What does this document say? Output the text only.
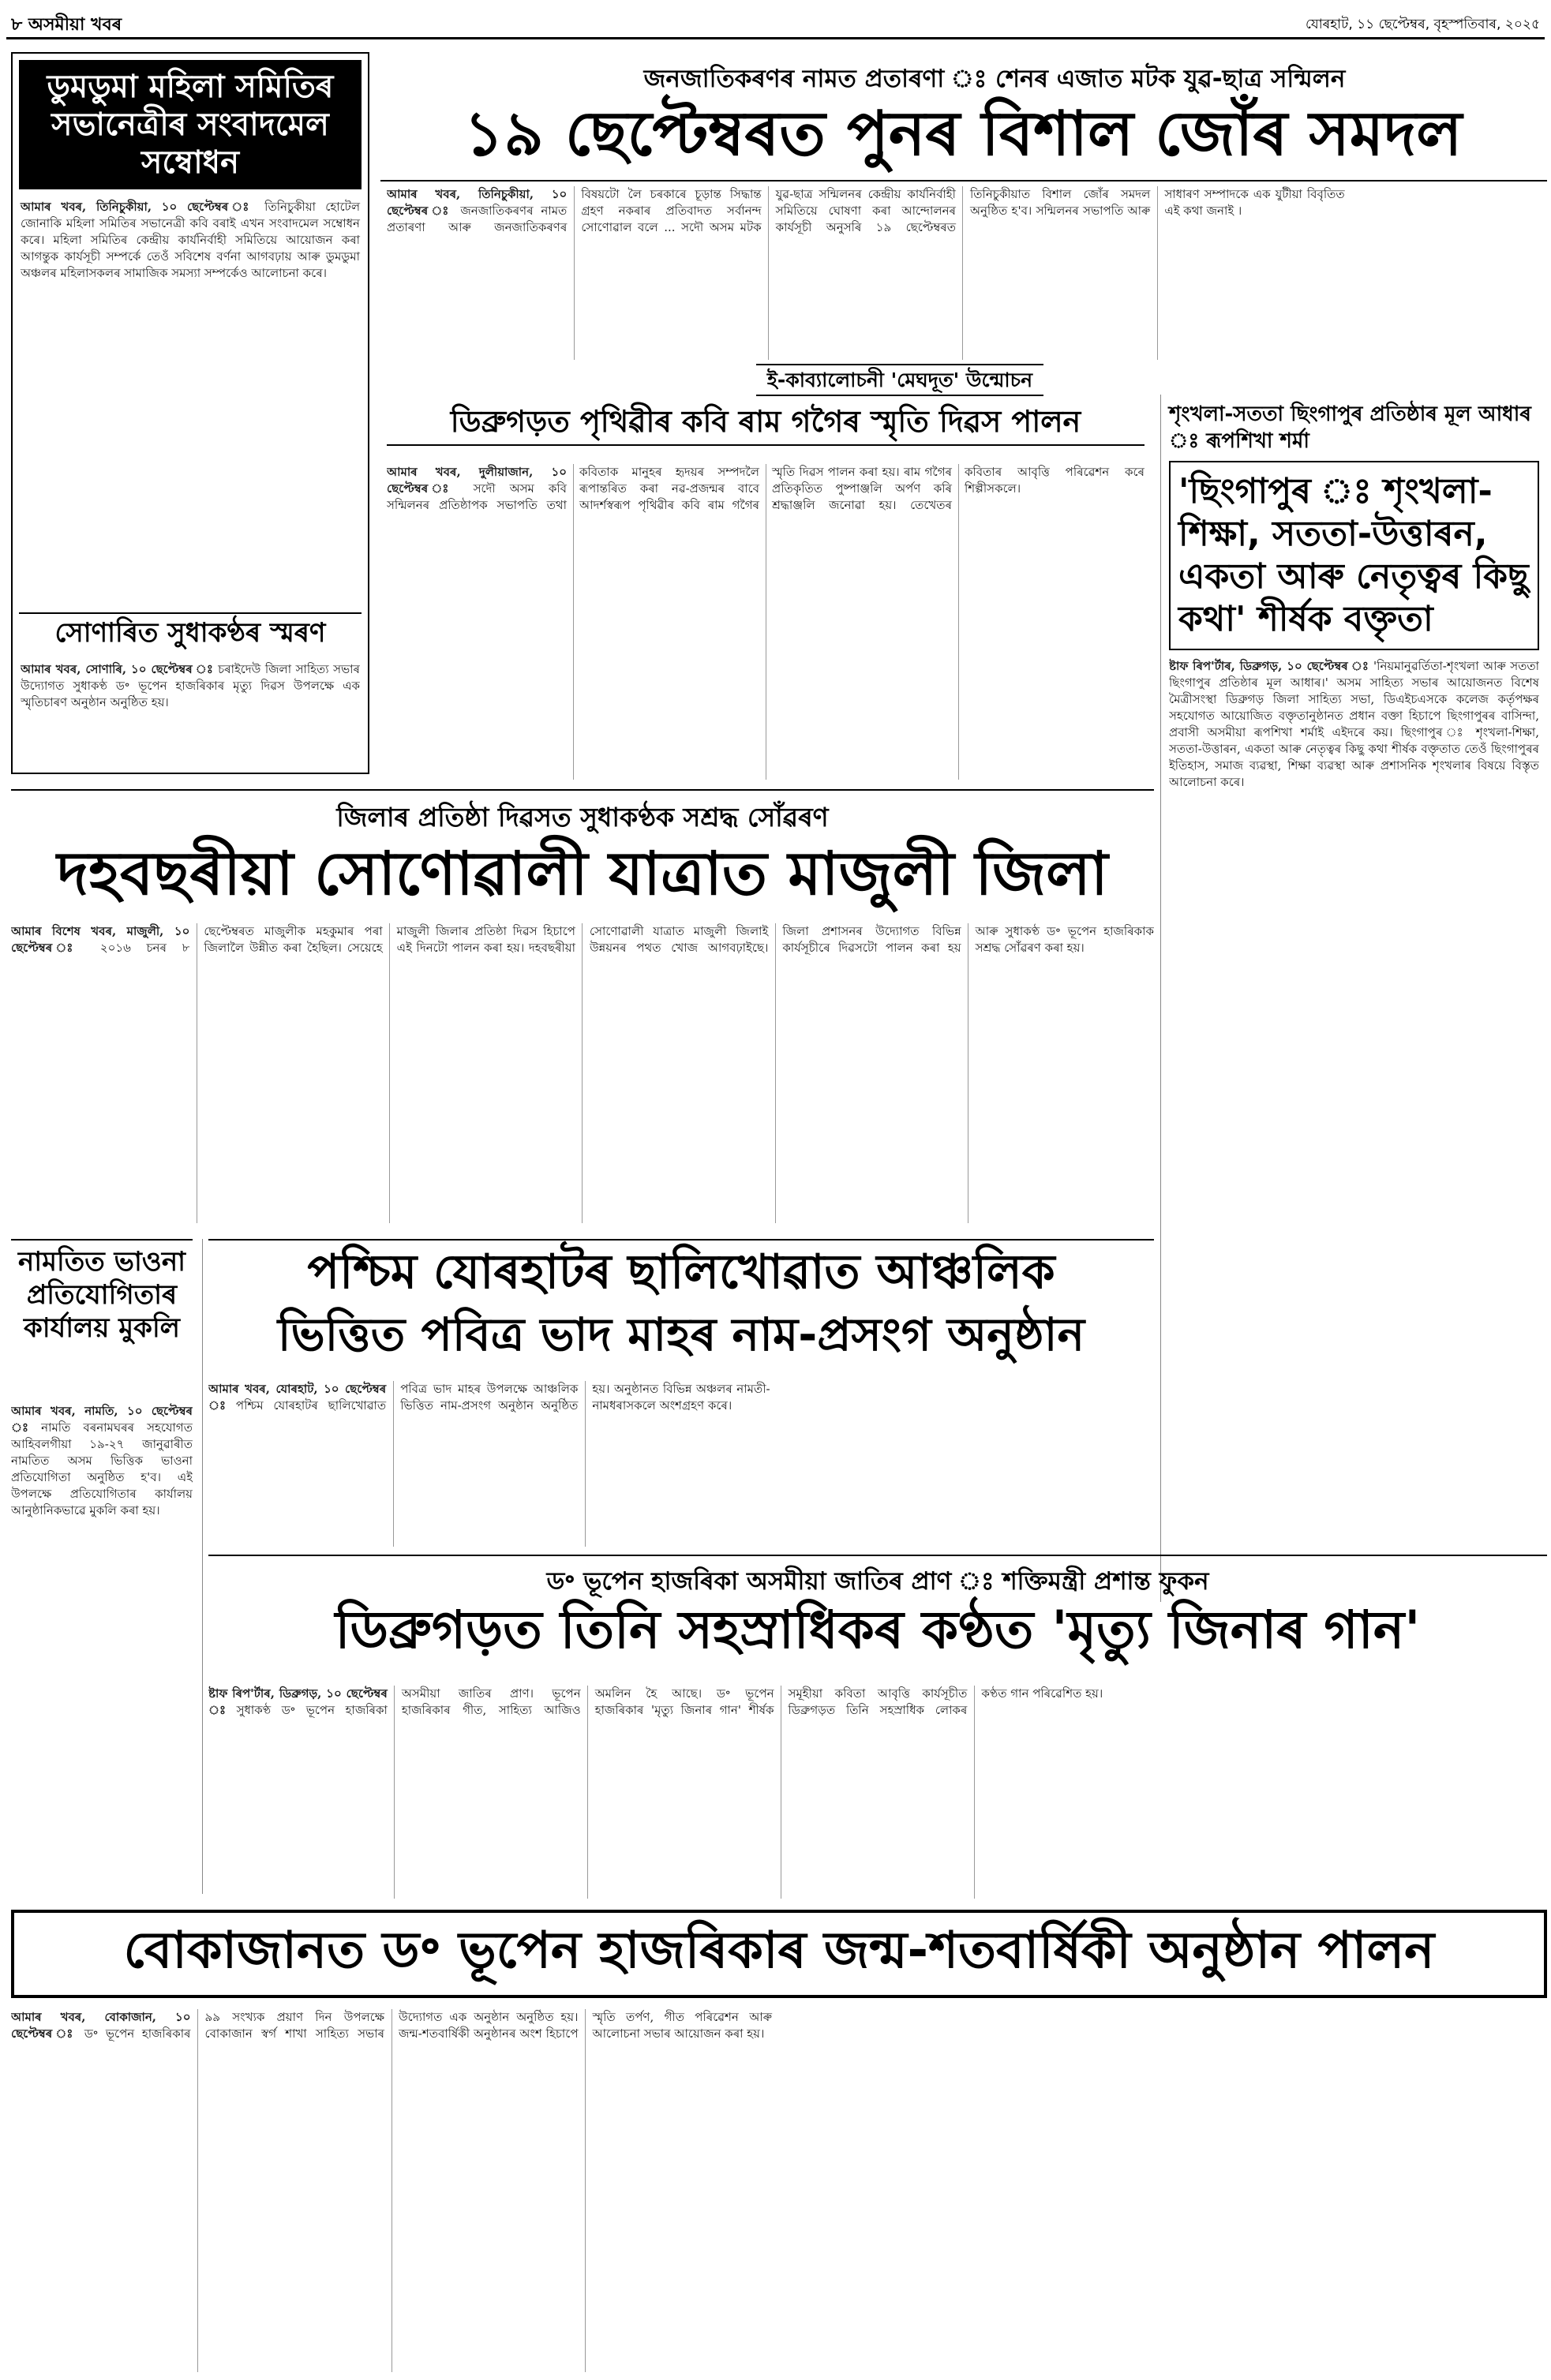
৮ অসমীয়া খবৰ	যোৰহাট, ১১ ছেপ্টেম্বৰ, বৃহস্পতিবাৰ, ২০২৫
ডুমডুমা মহিলা সমিতিৰ সভানেত্ৰীৰ সংবাদমেল সম্বোধন
আমাৰ খবৰ, তিনিচুকীয়া, ১০ ছেপ্টেম্বৰ ঃ তিনিচুকীয়া হোটেল জোনাকি মহিলা সমিতিৰ সভানেত্ৰী কবি বৰাই এখন সংবাদমেল সম্বোধন কৰে। মহিলা সমিতিৰ কেন্দ্ৰীয় কাৰ্যনিৰ্বাহী সমিতিয়ে আয়োজন কৰা আগন্তুক কাৰ্যসূচী সম্পৰ্কে তেওঁ সবিশেষ বৰ্ণনা আগবঢ়ায় আৰু ডুমডুমা অঞ্চলৰ মহিলাসকলৰ সামাজিক সমস্যা সম্পৰ্কেও আলোচনা কৰে।
সোণাৰিত সুধাকণ্ঠৰ স্মৰণ
আমাৰ খবৰ, সোণাৰি, ১০ ছেপ্টেম্বৰ ঃ চৰাইদেউ জিলা সাহিত্য সভাৰ উদ্যোগত সুধাকণ্ঠ ড॰ ভূপেন হাজৰিকাৰ মৃত্যু দিৱস উপলক্ষে এক স্মৃতিচাৰণ অনুষ্ঠান অনুষ্ঠিত হয়।
জনজাতিকৰণৰ নামত প্ৰতাৰণা ঃ শেনৰ এজাত মটক যুৱ-ছাত্ৰ সন্মিলন
১৯ ছেপ্টেম্বৰত পুনৰ বিশাল জোঁৰ সমদল
আমাৰ খবৰ, তিনিচুকীয়া, ১০ ছেপ্টেম্বৰ ঃ জনজাতিকৰণৰ নামত প্ৰতাৰণা আৰু জনজাতিকৰণৰ বিষয়টো লৈ চৰকাৰে চূড়ান্ত সিদ্ধান্ত গ্ৰহণ নকৰাৰ প্ৰতিবাদত সৰ্বানন্দ সোণোৱাল বলে ... সদৌ অসম মটক যুৱ-ছাত্ৰ সন্মিলনৰ কেন্দ্ৰীয় কাৰ্যনিৰ্বাহী সমিতিয়ে ঘোষণা কৰা আন্দোলনৰ কাৰ্যসূচী অনুসৰি ১৯ ছেপ্টেম্বৰত তিনিচুকীয়াত বিশাল জোঁৰ সমদল অনুষ্ঠিত হ'ব। সন্মিলনৰ সভাপতি আৰু সাধাৰণ সম্পাদকে এক যুটীয়া বিবৃতিত এই কথা জনাই ।
ই-কাব্যালোচনী 'মেঘদূত' উন্মোচন
ডিব্ৰুগড়ত পৃথিৱীৰ কবি ৰাম গগৈৰ স্মৃতি দিৱস পালন
আমাৰ খবৰ, দুলীয়াজান, ১০ ছেপ্টেম্বৰ ঃ সদৌ অসম কবি সন্মিলনৰ প্ৰতিষ্ঠাপক সভাপতি তথা কবিতাক মানুহৰ হৃদয়ৰ সম্পদলৈ ৰূপান্তৰিত কৰা নৱ-প্ৰজন্মৰ বাবে আদৰ্শস্বৰূপ পৃথিৱীৰ কবি ৰাম গগৈৰ স্মৃতি দিৱস পালন কৰা হয়। ৰাম গগৈৰ প্ৰতিকৃতিত পুষ্পাঞ্জলি অৰ্পণ কৰি শ্ৰদ্ধাঞ্জলি জনোৱা হয়। তেখেতৰ কবিতাৰ আবৃত্তি পৰিৱেশন কৰে শিল্পীসকলে।
শৃংখলা-সততা ছিংগাপুৰ প্ৰতিষ্ঠাৰ মূল আধাৰ ঃ ৰূপশিখা শৰ্মা
'ছিংগাপুৰ ঃ শৃংখলা-শিক্ষা, সততা-উত্তাৰন, একতা আৰু নেতৃত্বৰ কিছু কথা' শীৰ্ষক বক্তৃতা
ষ্টাফ ৰিপ'ৰ্টাৰ, ডিব্ৰুগড়, ১০ ছেপ্টেম্বৰ ঃ 'নিয়মানুৱৰ্তিতা-শৃংখলা আৰু সততা ছিংগাপুৰ প্ৰতিষ্ঠাৰ মূল আধাৰ।' অসম সাহিত্য সভাৰ আয়োজনত বিশেষ মৈত্ৰীসংস্থা ডিব্ৰুগড় জিলা সাহিত্য সভা, ডিএইচএসকে কলেজ কৰ্তৃপক্ষৰ সহযোগত আয়োজিত বক্তৃতানুষ্ঠানত প্ৰধান বক্তা হিচাপে ছিংগাপুৰৰ বাসিন্দা, প্ৰবাসী অসমীয়া ৰূপশিখা শৰ্মাই এইদৰে কয়। ছিংগাপুৰ ঃ শৃংখলা-শিক্ষা, সততা-উত্তাৰন, একতা আৰু নেতৃত্বৰ কিছু কথা শীৰ্ষক বক্তৃতাত তেওঁ ছিংগাপুৰৰ ইতিহাস, সমাজ ব্যৱস্থা, শিক্ষা ব্যৱস্থা আৰু প্ৰশাসনিক শৃংখলাৰ বিষয়ে বিস্তৃত আলোচনা কৰে।
জিলাৰ প্ৰতিষ্ঠা দিৱসত সুধাকণ্ঠক সশ্ৰদ্ধ সোঁৱৰণ
দহবছৰীয়া সোণোৱালী যাত্ৰাত মাজুলী জিলা
আমাৰ বিশেষ খবৰ, মাজুলী, ১০ ছেপ্টেম্বৰ ঃ ২০১৬ চনৰ ৮ ছেপ্টেম্বৰত মাজুলীক মহকুমাৰ পৰা জিলালৈ উন্নীত কৰা হৈছিল। সেয়েহে মাজুলী জিলাৰ প্ৰতিষ্ঠা দিৱস হিচাপে এই দিনটো পালন কৰা হয়। দহবছৰীয়া সোণোৱালী যাত্ৰাত মাজুলী জিলাই উন্নয়নৰ পথত খোজ আগবঢ়াইছে। জিলা প্ৰশাসনৰ উদ্যোগত বিভিন্ন কাৰ্যসূচীৰে দিৱসটো পালন কৰা হয় আৰু সুধাকণ্ঠ ড॰ ভূপেন হাজৰিকাক সশ্ৰদ্ধ সোঁৱৰণ কৰা হয়।
নামতিত ভাওনা প্ৰতিযোগিতাৰ কাৰ্যালয় মুকলি
আমাৰ খবৰ, নামতি, ১০ ছেপ্টেম্বৰ ঃ নামতি বৰনামঘৰৰ সহযোগত আহিবলগীয়া ১৯-২৭ জানুৱাৰীত নামতিত অসম ভিত্তিক ভাওনা প্ৰতিযোগিতা অনুষ্ঠিত হ'ব। এই উপলক্ষে প্ৰতিযোগিতাৰ কাৰ্যালয় আনুষ্ঠানিকভাৱে মুকলি কৰা হয়।
পশ্চিম যোৰহাটৰ ছালিখোৱাত আঞ্চলিক
ভিত্তিত পবিত্ৰ ভাদ মাহৰ নাম-প্ৰসংগ অনুষ্ঠান
আমাৰ খবৰ, যোৰহাট, ১০ ছেপ্টেম্বৰ ঃ পশ্চিম যোৰহাটৰ ছালিখোৱাত পবিত্ৰ ভাদ মাহৰ উপলক্ষে আঞ্চলিক ভিত্তিত নাম-প্ৰসংগ অনুষ্ঠান অনুষ্ঠিত হয়। অনুষ্ঠানত বিভিন্ন অঞ্চলৰ নামতী-নামধৰাসকলে অংশগ্ৰহণ কৰে।
ড॰ ভূপেন হাজৰিকা অসমীয়া জাতিৰ প্ৰাণ ঃ শক্তিমন্ত্ৰী প্ৰশান্ত ফুকন
ডিব্ৰুগড়ত তিনি সহস্ৰাধিকৰ কণ্ঠত 'মৃত্যু জিনাৰ গান'
ষ্টাফ ৰিপ'ৰ্টাৰ, ডিব্ৰুগড়, ১০ ছেপ্টেম্বৰ ঃ সুধাকণ্ঠ ড॰ ভূপেন হাজৰিকা অসমীয়া জাতিৰ প্ৰাণ। ভূপেন হাজৰিকাৰ গীত, সাহিত্য আজিও অমলিন হৈ আছে। ড॰ ভূপেন হাজৰিকাৰ 'মৃত্যু জিনাৰ গান' শীৰ্ষক সমূহীয়া কবিতা আবৃত্তি কাৰ্যসূচীত ডিব্ৰুগড়ত তিনি সহস্ৰাধিক লোকৰ কণ্ঠত গান পৰিৱেশিত হয়।
বোকাজানত ড॰ ভূপেন হাজৰিকাৰ জন্ম-শতবাৰ্ষিকী অনুষ্ঠান পালন
আমাৰ খবৰ, বোকাজান, ১০ ছেপ্টেম্বৰ ঃ ড॰ ভূপেন হাজৰিকাৰ ৯৯ সংখ্যক প্ৰয়াণ দিন উপলক্ষে বোকাজান স্বৰ্গ শাখা সাহিত্য সভাৰ উদ্যোগত এক অনুষ্ঠান অনুষ্ঠিত হয়। জন্ম-শতবাৰ্ষিকী অনুষ্ঠানৰ অংশ হিচাপে স্মৃতি তৰ্পণ, গীত পৰিৱেশন আৰু আলোচনা সভাৰ আয়োজন কৰা হয়।
